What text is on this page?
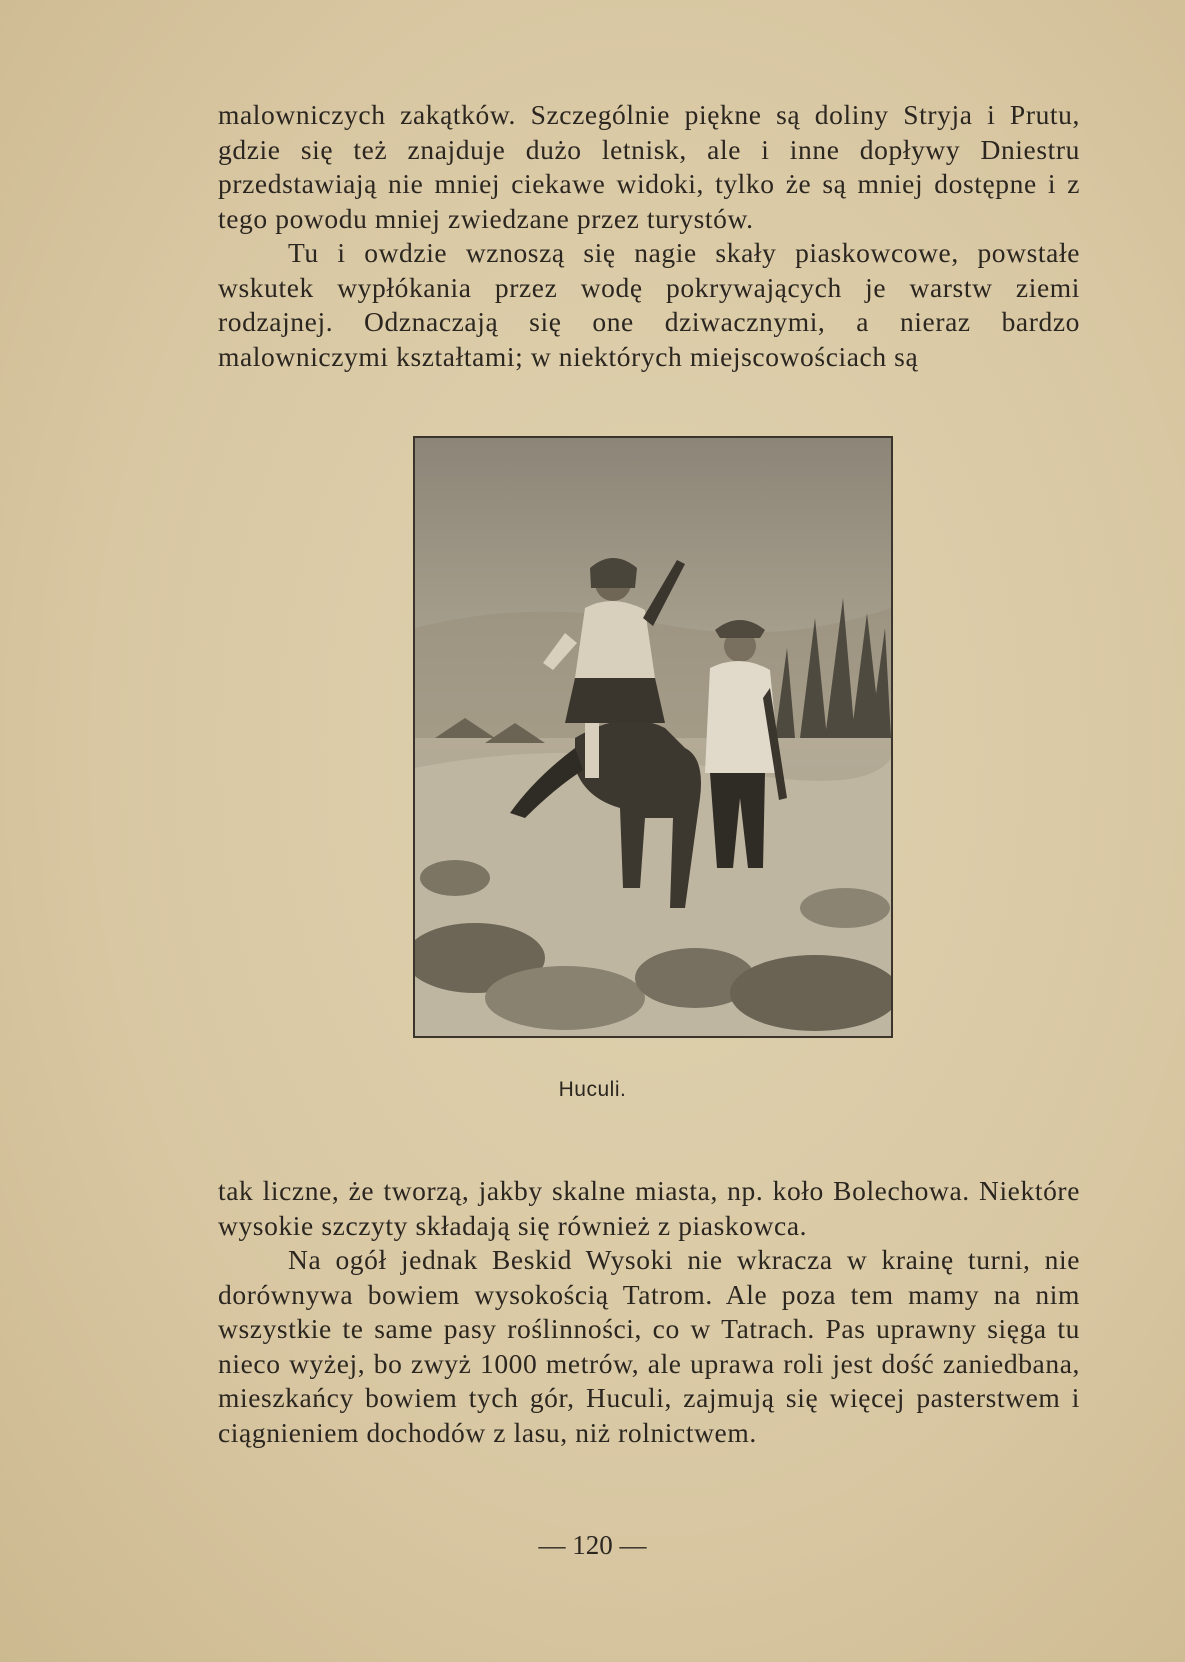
malowniczych zakątków. Szczególnie piękne są doliny Stryja i Prutu, gdzie się też znajduje dużo letnisk, ale i inne dopływy Dniestru przedstawiają nie mniej ciekawe widoki, tylko że są mniej dostępne i z tego powodu mniej zwiedzane przez turystów.

Tu i owdzie wznoszą się nagie skały piaskowcowe, powstałe wskutek wypłókania przez wodę pokrywających je warstw ziemi rodzajnej. Odznaczają się one dziwacznymi, a nieraz bardzo malowniczymi kształtami; w niektórych miejscowościach są

Huculi.

tak liczne, że tworzą, jakby skalne miasta, np. koło Bolechowa. Niektóre wysokie szczyty składają się również z piaskowca.

Na ogół jednak Beskid Wysoki nie wkracza w krainę turni, nie dorównywa bowiem wysokością Tatrom. Ale poza tem mamy na nim wszystkie te same pasy roślinności, co w Tatrach. Pas uprawny sięga tu nieco wyżej, bo zwyż 1000 metrów, ale uprawa roli jest dość zaniedbana, mieszkańcy bowiem tych gór, Huculi, zajmują się więcej pasterstwem i ciągnieniem dochodów z lasu, niż rolnictwem.

— 120 —
